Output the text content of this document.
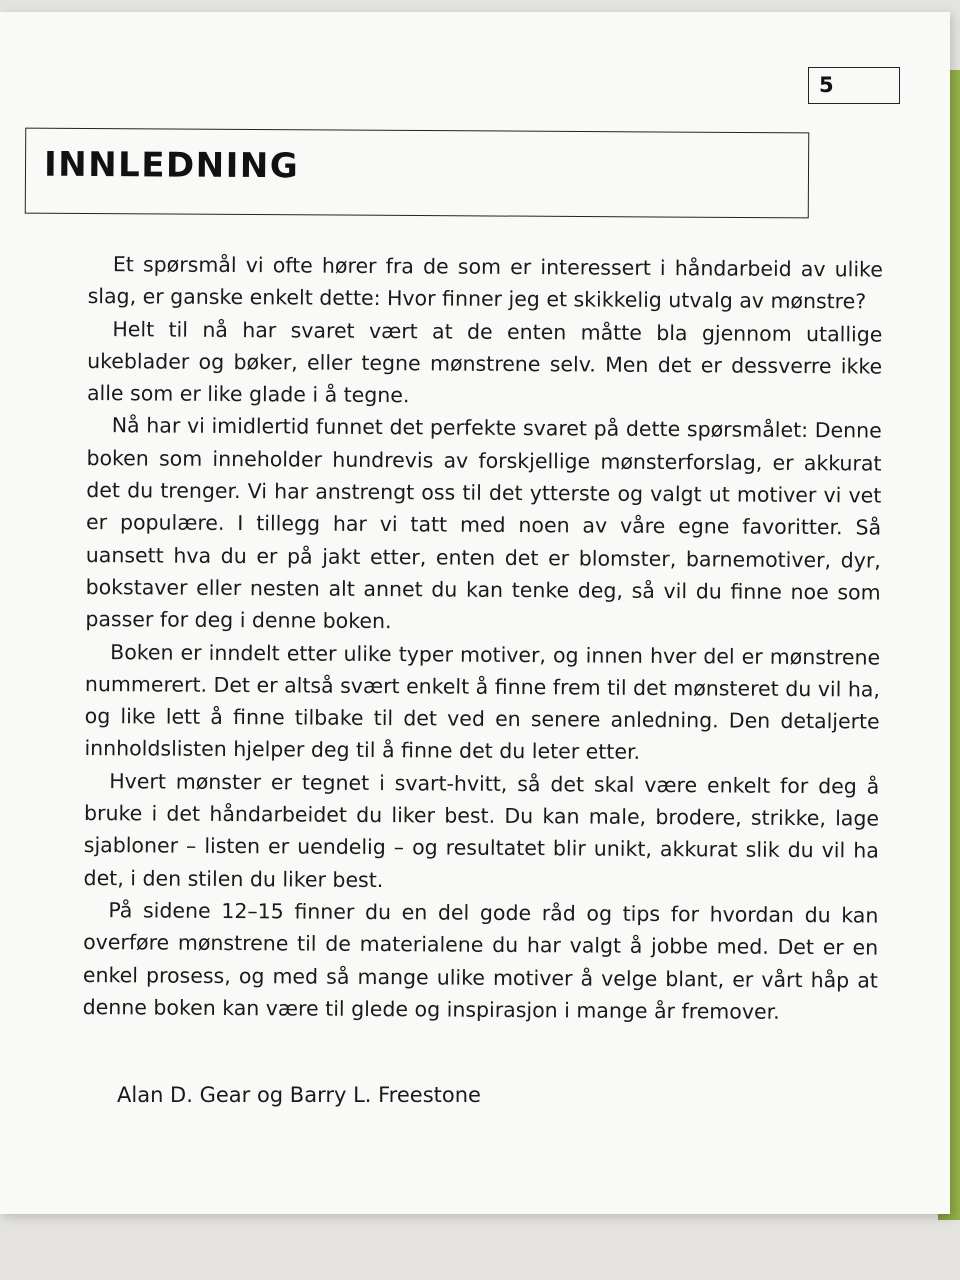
5
INNLEDNING

Et spørsmål vi ofte hører fra de som er interessert i håndarbeid av ulike slag, er ganske enkelt dette: Hvor finner jeg et skikkelig utvalg av mønstre?

Helt til nå har svaret vært at de enten måtte bla gjennom utallige ukeblader og bøker, eller tegne mønstrene selv. Men det er dessverre ikke alle som er like glade i å tegne.

Nå har vi imidlertid funnet det perfekte svaret på dette spørsmålet: Denne boken som inneholder hundrevis av forskjellige mønsterforslag, er akkurat det du trenger. Vi har anstrengt oss til det ytterste og valgt ut motiver vi vet er populære. I tillegg har vi tatt med noen av våre egne favoritter. Så uansett hva du er på jakt etter, enten det er blomster, barnemotiver, dyr, bokstaver eller nesten alt annet du kan tenke deg, så vil du finne noe som passer for deg i denne boken.

Boken er inndelt etter ulike typer motiver, og innen hver del er mønstrene nummerert. Det er altså svært enkelt å finne frem til det mønsteret du vil ha, og like lett å finne tilbake til det ved en senere anledning. Den detaljerte innholdslisten hjelper deg til å finne det du leter etter.

Hvert mønster er tegnet i svart-hvitt, så det skal være enkelt for deg å bruke i det håndarbeidet du liker best. Du kan male, brodere, strikke, lage sjabloner – listen er uendelig – og resultatet blir unikt, akkurat slik du vil ha det, i den stilen du liker best.

På sidene 12–15 finner du en del gode råd og tips for hvordan du kan overføre mønstrene til de materialene du har valgt å jobbe med. Det er en enkel prosess, og med så mange ulike motiver å velge blant, er vårt håp at denne boken kan være til glede og inspirasjon i mange år fremover.

Alan D. Gear og Barry L. Freestone
